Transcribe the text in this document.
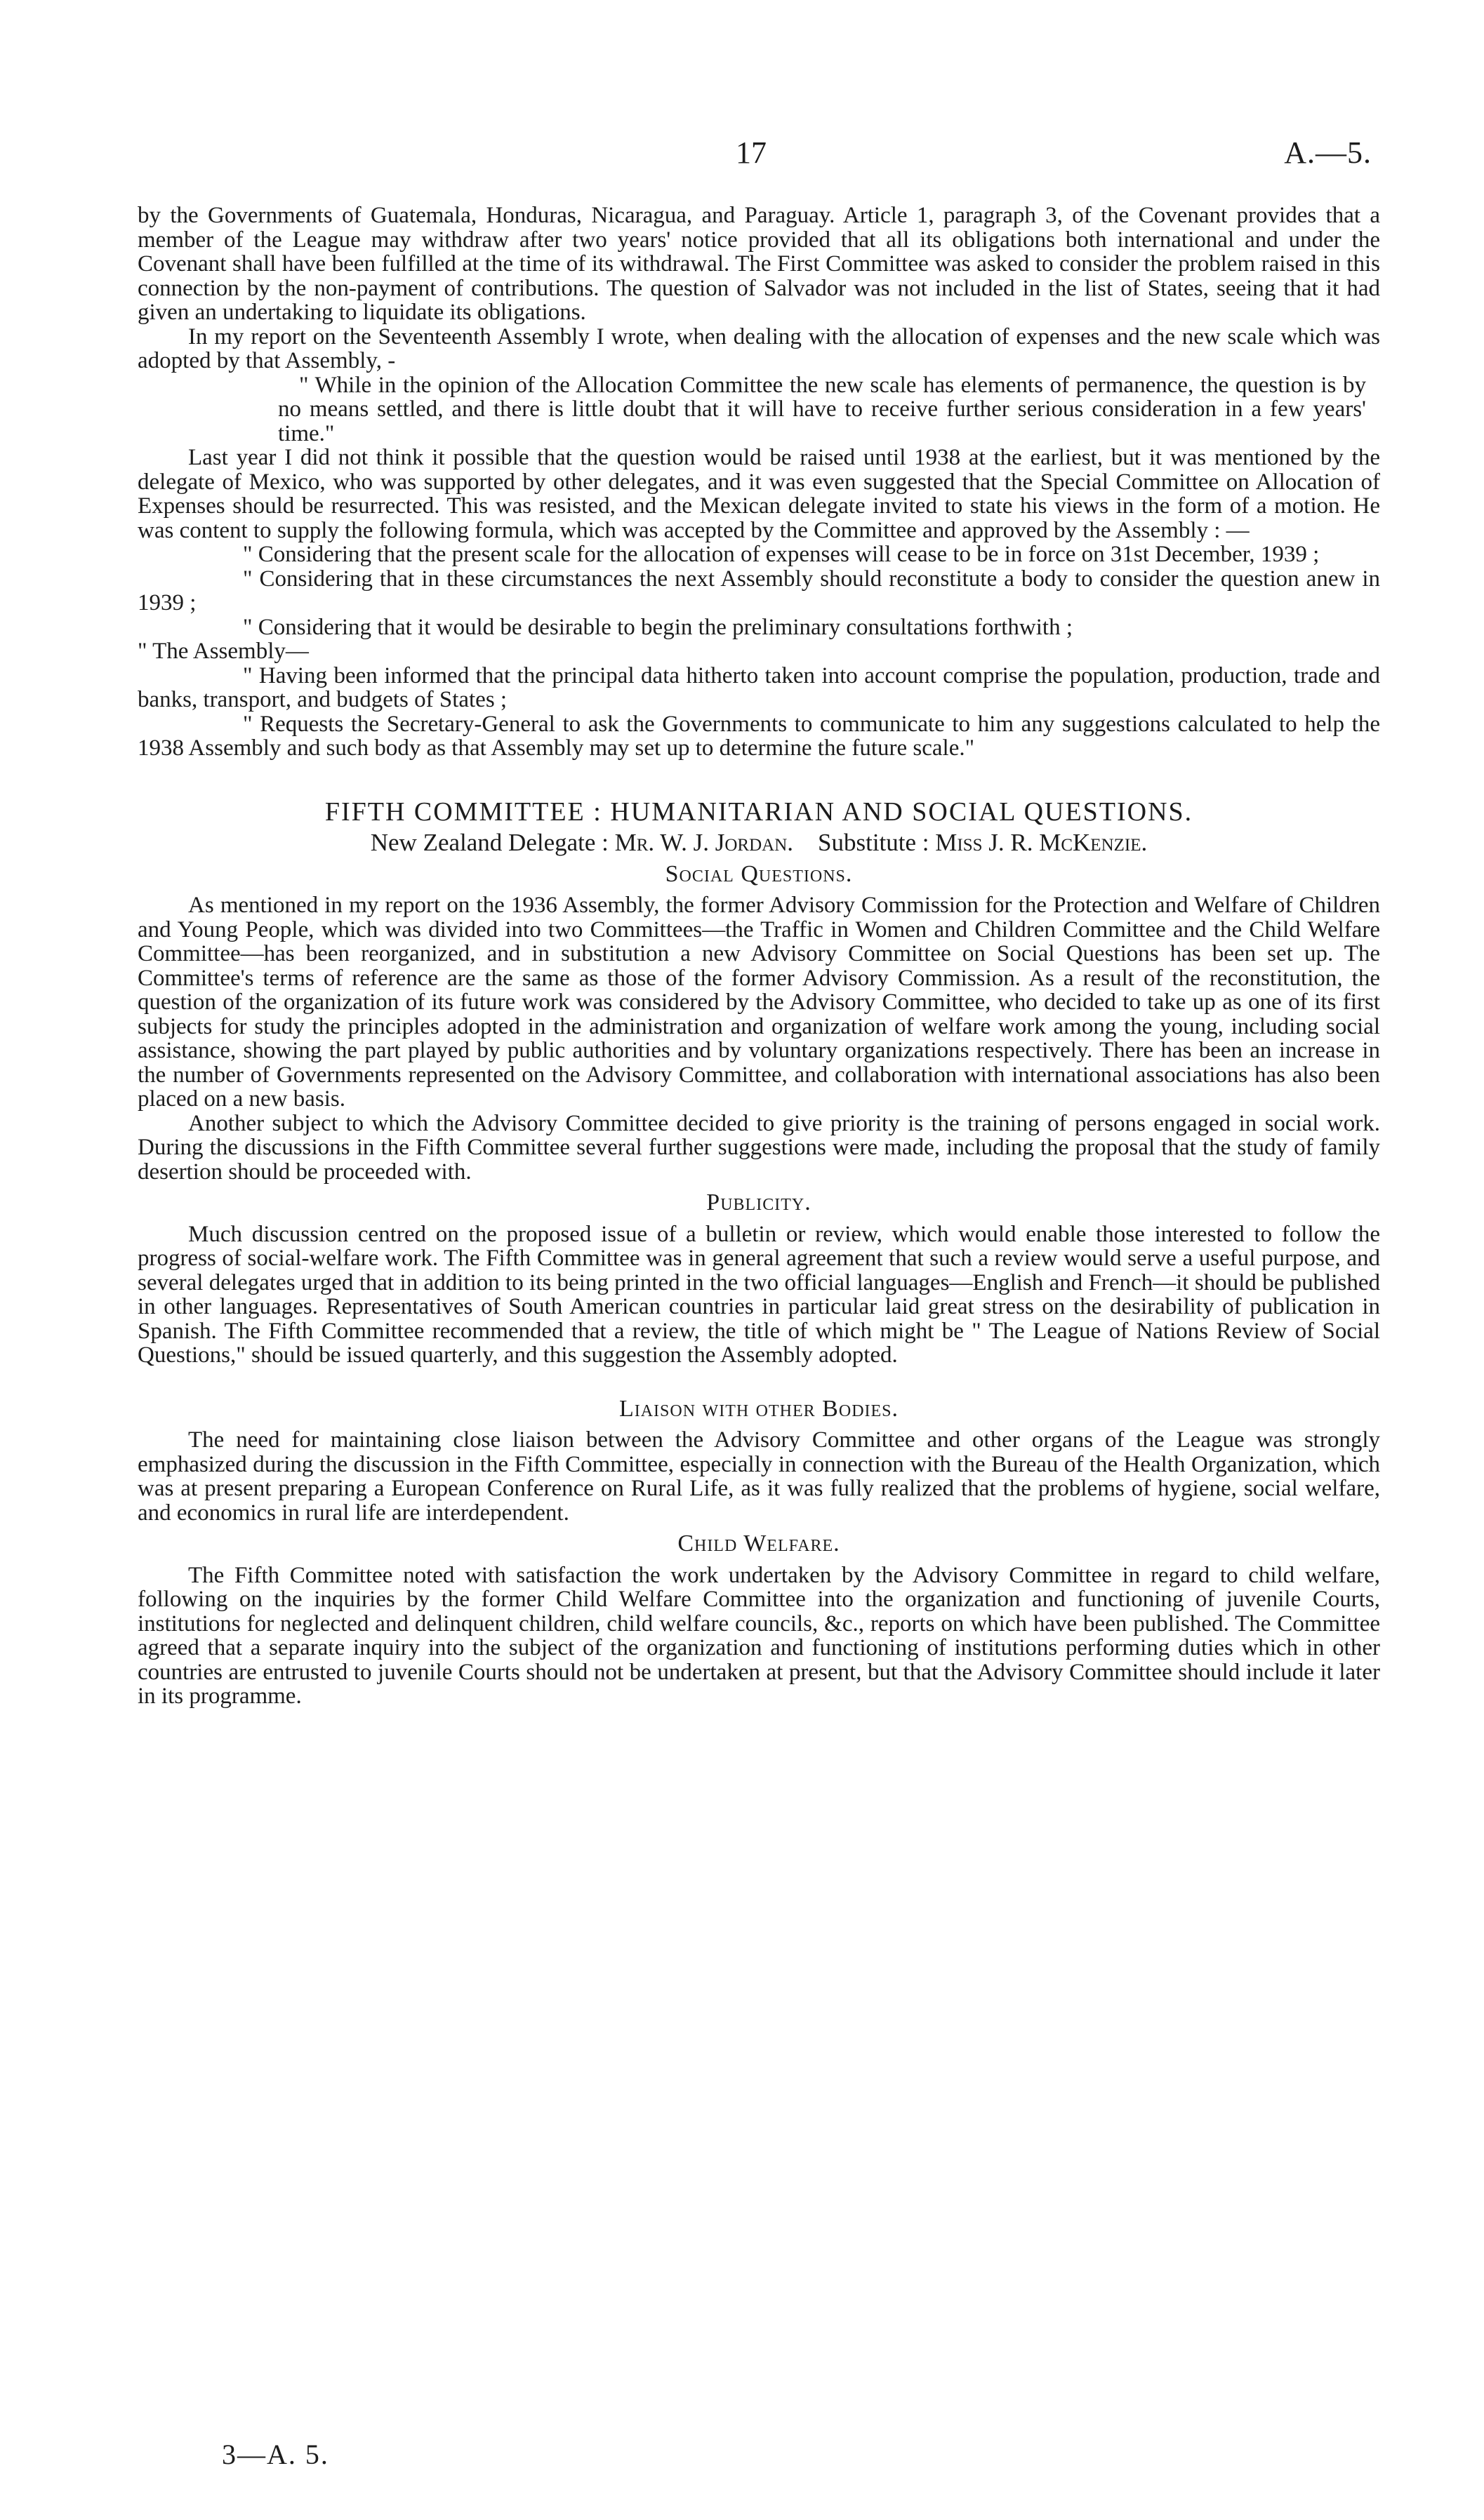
17	A.—5.

by the Governments of Guatemala, Honduras, Nicaragua, and Paraguay. Article 1, paragraph 3, of the Covenant provides that a member of the League may withdraw after two years' notice provided that all its obligations both international and under the Covenant shall have been fulfilled at the time of its withdrawal. The First Committee was asked to consider the problem raised in this connection by the non-payment of contributions. The question of Salvador was not included in the list of States, seeing that it had given an undertaking to liquidate its obligations.

In my report on the Seventeenth Assembly I wrote, when dealing with the allocation of expenses and the new scale which was adopted by that Assembly, -

" While in the opinion of the Allocation Committee the new scale has elements of permanence, the question is by no means settled, and there is little doubt that it will have to receive further serious consideration in a few years' time."

Last year I did not think it possible that the question would be raised until 1938 at the earliest, but it was mentioned by the delegate of Mexico, who was supported by other delegates, and it was even suggested that the Special Committee on Allocation of Expenses should be resurrected. This was resisted, and the Mexican delegate invited to state his views in the form of a motion. He was content to supply the following formula, which was accepted by the Committee and approved by the Assembly : —

" Considering that the present scale for the allocation of expenses will cease to be in force on 31st December, 1939 ;

" Considering that in these circumstances the next Assembly should reconstitute a body to consider the question anew in 1939 ;

" Considering that it would be desirable to begin the preliminary consultations forthwith ;

" The Assembly—

" Having been informed that the principal data hitherto taken into account comprise the population, production, trade and banks, transport, and budgets of States ;

" Requests the Secretary-General to ask the Governments to communicate to him any suggestions calculated to help the 1938 Assembly and such body as that Assembly may set up to determine the future scale."

FIFTH COMMITTEE : HUMANITARIAN AND SOCIAL QUESTIONS.
New Zealand Delegate : Mr. W. J. Jordan. Substitute : Miss J. R. McKenzie.
Social Questions.

As mentioned in my report on the 1936 Assembly, the former Advisory Commission for the Protection and Welfare of Children and Young People, which was divided into two Committees—the Traffic in Women and Children Committee and the Child Welfare Committee—has been reorganized, and in substitution a new Advisory Committee on Social Questions has been set up. The Committee's terms of reference are the same as those of the former Advisory Commission. As a result of the reconstitution, the question of the organization of its future work was considered by the Advisory Committee, who decided to take up as one of its first subjects for study the principles adopted in the administration and organization of welfare work among the young, including social assistance, showing the part played by public authorities and by voluntary organizations respectively. There has been an increase in the number of Governments represented on the Advisory Committee, and collaboration with international associations has also been placed on a new basis.

Another subject to which the Advisory Committee decided to give priority is the training of persons engaged in social work. During the discussions in the Fifth Committee several further suggestions were made, including the proposal that the study of family desertion should be proceeded with.

Publicity.

Much discussion centred on the proposed issue of a bulletin or review, which would enable those interested to follow the progress of social-welfare work. The Fifth Committee was in general agreement that such a review would serve a useful purpose, and several delegates urged that in addition to its being printed in the two official languages—English and French—it should be published in other languages. Representatives of South American countries in particular laid great stress on the desirability of publication in Spanish. The Fifth Committee recommended that a review, the title of which might be " The League of Nations Review of Social Questions," should be issued quarterly, and this suggestion the Assembly adopted.

Liaison with other Bodies.

The need for maintaining close liaison between the Advisory Committee and other organs of the League was strongly emphasized during the discussion in the Fifth Committee, especially in connection with the Bureau of the Health Organization, which was at present preparing a European Conference on Rural Life, as it was fully realized that the problems of hygiene, social welfare, and economics in rural life are interdependent.

Child Welfare.

The Fifth Committee noted with satisfaction the work undertaken by the Advisory Committee in regard to child welfare, following on the inquiries by the former Child Welfare Committee into the organization and functioning of juvenile Courts, institutions for neglected and delinquent children, child welfare councils, &c., reports on which have been published. The Committee agreed that a separate inquiry into the subject of the organization and functioning of institutions performing duties which in other countries are entrusted to juvenile Courts should not be undertaken at present, but that the Advisory Committee should include it later in its programme.

3—A. 5.
